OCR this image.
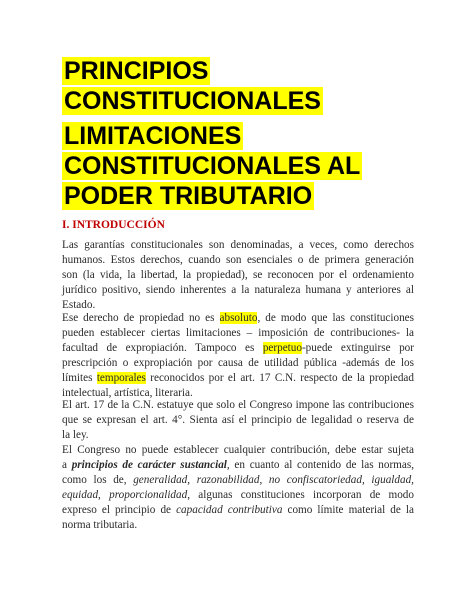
PRINCIPIOS
CONSTITUCIONALES
LIMITACIONES
CONSTITUCIONALES AL
PODER TRIBUTARIO
I. INTRODUCCIÓN

Las garantías constitucionales son denominadas, a veces, como derechos
humanos. Estos derechos, cuando son esenciales o de primera generación
son (la vida, la libertad, la propiedad), se reconocen por el ordenamiento
jurídico positivo, siendo inherentes a la naturaleza humana y anteriores al
Estado.

Ese derecho de propiedad no es absoluto, de modo que las constituciones
pueden establecer ciertas limitaciones – imposición de contribuciones- la
facultad de expropiación. Tampoco es perpetuo-puede extinguirse por
prescripción o expropiación por causa de utilidad pública -además de los
límites temporales reconocidos por el art. 17 C.N. respecto de la propiedad
intelectual, artística, literaria.

El art. 17 de la C.N. estatuye que solo el Congreso impone las contribuciones
que se expresan el art. 4°. Sienta así el principio de legalidad o reserva de
la ley.

El Congreso no puede establecer cualquier contribución, debe estar sujeta
a principios de carácter sustancial, en cuanto al contenido de las normas,
como los de, generalidad, razonabilidad, no confiscatoriedad, igualdad,
equidad, proporcionalidad, algunas constituciones incorporan de modo
expreso el principio de capacidad contributiva como límite material de la
norma tributaria.
